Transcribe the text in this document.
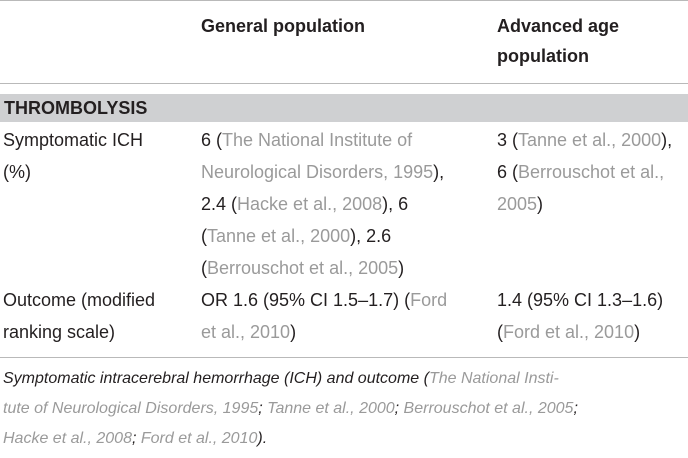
General population	Advanced age
population
THROMBOLYSIS
Symptomatic ICH
(%)
6 (The National Institute of
Neurological Disorders, 1995),
2.4 (Hacke et al., 2008), 6
(Tanne et al., 2000), 2.6
(Berrouschot et al., 2005)
3 (Tanne et al., 2000),
6 (Berrouschot et al.,
2005)
Outcome (modified
ranking scale)
OR 1.6 (95% CI 1.5–1.7) (Ford
et al., 2010)
1.4 (95% CI 1.3–1.6)
(Ford et al., 2010)
Symptomatic intracerebral hemorrhage (ICH) and outcome (The National Insti-
tute of Neurological Disorders, 1995; Tanne et al., 2000; Berrouschot et al., 2005;
Hacke et al., 2008; Ford et al., 2010).
